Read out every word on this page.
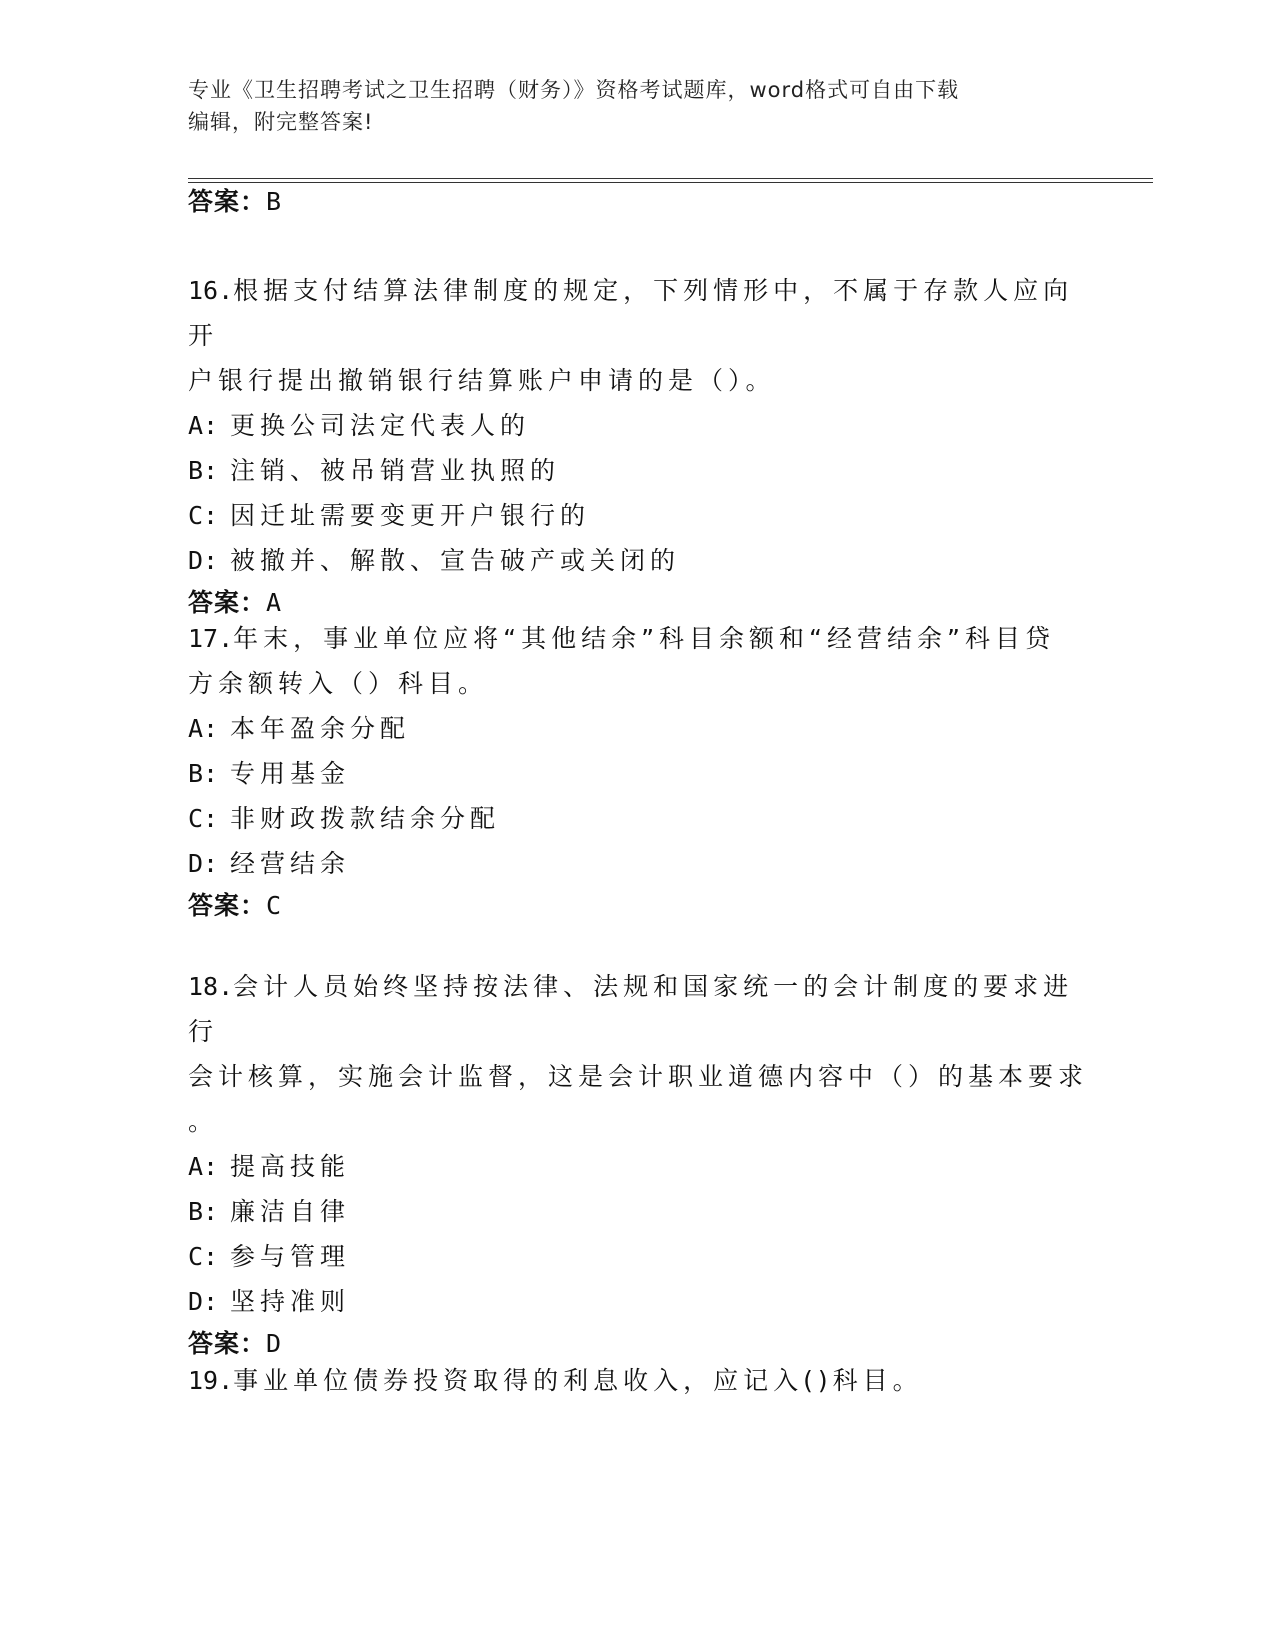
专业《卫生招聘考试之卫生招聘（财务）》资格考试题库，word格式可自由下载
编辑，附完整答案!
答案：B
16.根据支付结算法律制度的规定，下列情形中，不属于存款人应向开
户银行提出撤销银行结算账户申请的是（）。
A: 更换公司法定代表人的
B: 注销、被吊销营业执照的
C: 因迁址需要变更开户银行的
D: 被撤并、解散、宣告破产或关闭的
答案：A
17.年末，事业单位应将“其他结余”科目余额和“经营结余”科目贷
方余额转入（）科目。
A: 本年盈余分配
B: 专用基金
C: 非财政拨款结余分配
D: 经营结余
答案：C
18.会计人员始终坚持按法律、法规和国家统一的会计制度的要求进行
会计核算，实施会计监督，这是会计职业道德内容中（）的基本要求
。
A: 提高技能
B: 廉洁自律
C: 参与管理
D: 坚持准则
答案：D
19.事业单位债券投资取得的利息收入，应记入()科目。
